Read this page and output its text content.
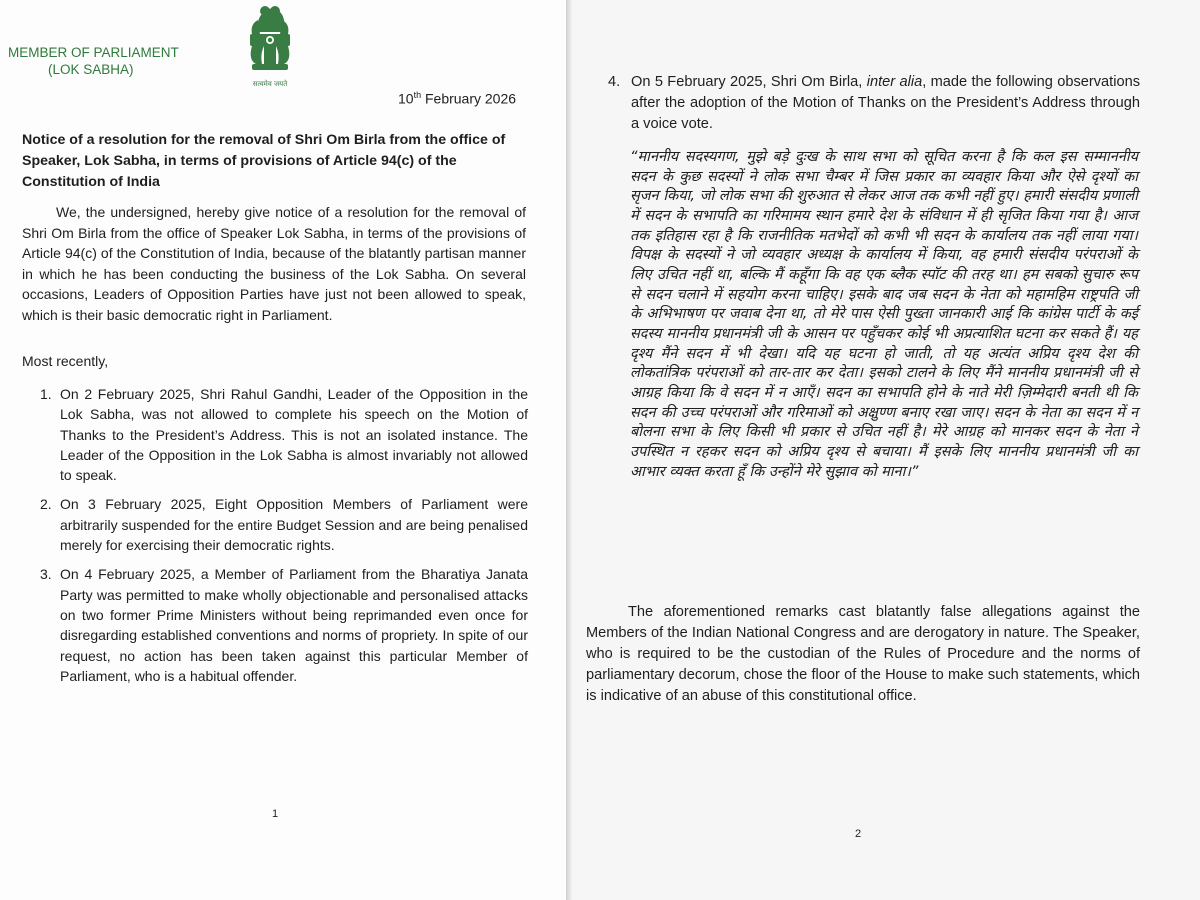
MEMBER OF PARLIAMENT
(LOK SABHA)
सत्यमेव जयते
10th February 2026
Notice of a resolution for the removal of Shri Om Birla from the office of Speaker, Lok Sabha, in terms of provisions of Article 94(c) of the Constitution of India

We, the undersigned, hereby give notice of a resolution for the removal of Shri Om Birla from the office of Speaker Lok Sabha, in terms of the provisions of Article 94(c) of the Constitution of India, because of the blatantly partisan manner in which he has been conducting the business of the Lok Sabha. On several occasions, Leaders of Opposition Parties have just not been allowed to speak, which is their basic democratic right in Parliament.

Most recently,
1. On 2 February 2025, Shri Rahul Gandhi, Leader of the Opposition in the Lok Sabha, was not allowed to complete his speech on the Motion of Thanks to the President’s Address. This is not an isolated instance. The Leader of the Opposition in the Lok Sabha is almost invariably not allowed to speak.
2. On 3 February 2025, Eight Opposition Members of Parliament were arbitrarily suspended for the entire Budget Session and are being penalised merely for exercising their democratic rights.
3. On 4 February 2025, a Member of Parliament from the Bharatiya Janata Party was permitted to make wholly objectionable and personalised attacks on two former Prime Ministers without being reprimanded even once for disregarding established conventions and norms of propriety. In spite of our request, no action has been taken against this particular Member of Parliament, who is a habitual offender.
1
4. On 5 February 2025, Shri Om Birla, inter alia, made the following observations after the adoption of the Motion of Thanks on the President’s Address through a voice vote.
“माननीय सदस्यगण, मुझे बड़े दुःख के साथ सभा को सूचित करना है कि कल इस सम्माननीय सदन के कुछ सदस्यों ने लोक सभा चैम्बर में जिस प्रकार का व्यवहार किया और ऐसे दृश्यों का सृजन किया, जो लोक सभा की शुरुआत से लेकर आज तक कभी नहीं हुए। हमारी संसदीय प्रणाली में सदन के सभापति का गरिमामय स्थान हमारे देश के संविधान में ही सृजित किया गया है। आज तक इतिहास रहा है कि राजनीतिक मतभेदों को कभी भी सदन के कार्यालय तक नहीं लाया गया। विपक्ष के सदस्यों ने जो व्यवहार अध्यक्ष के कार्यालय में किया, वह हमारी संसदीय परंपराओं के लिए उचित नहीं था, बल्कि मैं कहूँगा कि वह एक ब्लैक स्पॉट की तरह था। हम सबको सुचारु रूप से सदन चलाने में सहयोग करना चाहिए। इसके बाद जब सदन के नेता को महामहिम राष्ट्रपति जी के अभिभाषण पर जवाब देना था, तो मेरे पास ऐसी पुख्ता जानकारी आई कि कांग्रेस पार्टी के कई सदस्य माननीय प्रधानमंत्री जी के आसन पर पहुँचकर कोई भी अप्रत्याशित घटना कर सकते हैं। यह दृश्य मैंने सदन में भी देखा। यदि यह घटना हो जाती, तो यह अत्यंत अप्रिय दृश्य देश की लोकतांत्रिक परंपराओं को तार-तार कर देता। इसको टालने के लिए मैंने माननीय प्रधानमंत्री जी से आग्रह किया कि वे सदन में न आएँ। सदन का सभापति होने के नाते मेरी ज़िम्मेदारी बनती थी कि सदन की उच्च परंपराओं और गरिमाओं को अक्षुण्ण बनाए रखा जाए। सदन के नेता का सदन में न बोलना सभा के लिए किसी भी प्रकार से उचित नहीं है। मेरे आग्रह को मानकर सदन के नेता ने उपस्थित न रहकर सदन को अप्रिय दृश्य से बचाया। मैं इसके लिए माननीय प्रधानमंत्री जी का आभार व्यक्त करता हूँ कि उन्होंने मेरे सुझाव को माना।”

The aforementioned remarks cast blatantly false allegations against the Members of the Indian National Congress and are derogatory in nature. The Speaker, who is required to be the custodian of the Rules of Procedure and the norms of parliamentary decorum, chose the floor of the House to make such statements, which is indicative of an abuse of this constitutional office.

2
